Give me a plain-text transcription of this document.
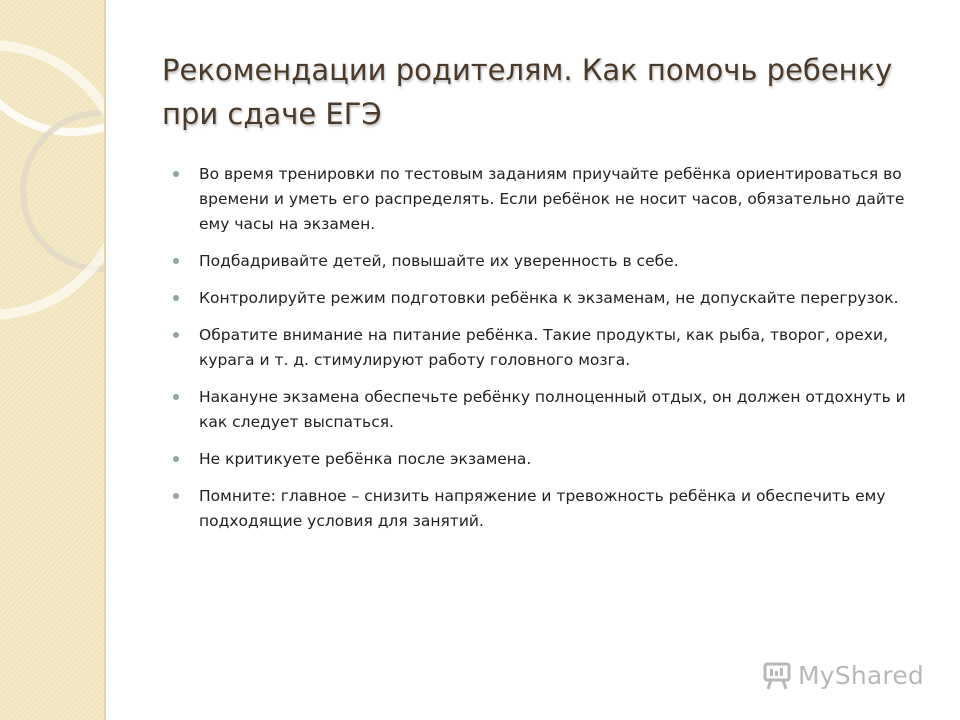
Рекомендации родителям. Как помочь ребенку при сдаче ЕГЭ
Во время тренировки по тестовым заданиям приучайте ребёнка ориентироваться во времени и уметь его распределять. Если ребёнок не носит часов, обязательно дайте ему часы на экзамен.
Подбадривайте детей, повышайте их уверенность в себе.
Контролируйте режим подготовки ребёнка к экзаменам, не допускайте перегрузок.
Обратите внимание на питание ребёнка. Такие продукты, как рыба, творог, орехи, курага и т. д. стимулируют работу головного мозга.
Накануне экзамена обеспечьте ребёнку полноценный отдых, он должен отдохнуть и как следует выспаться.
Не критикуете ребёнка после экзамена.
Помните: главное – снизить напряжение и тревожность ребёнка и обеспечить ему подходящие условия для занятий.
MyShared
